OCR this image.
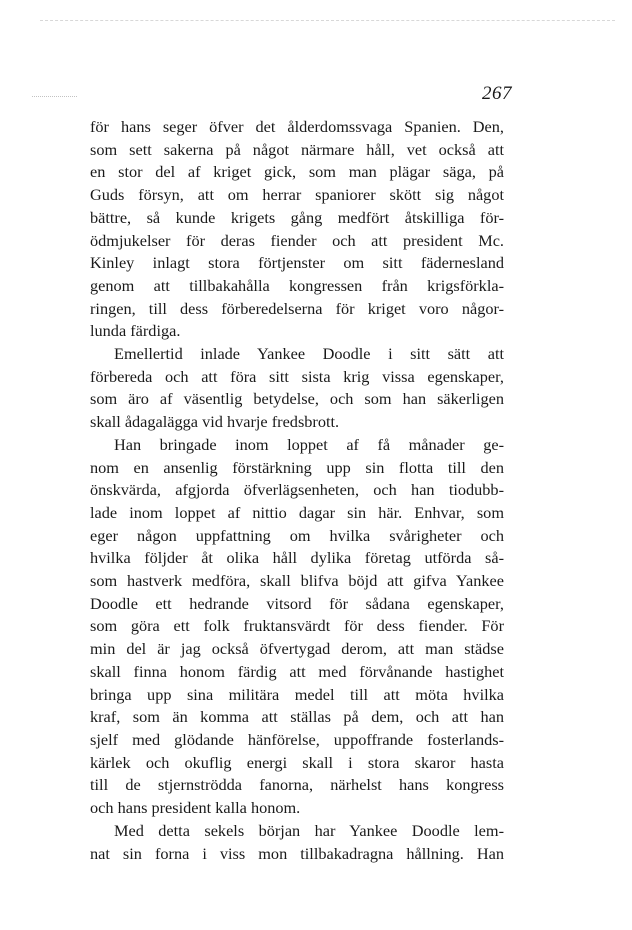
267
för hans seger öfver det ålderdomssvaga Spanien. Den,
som sett sakerna på något närmare håll, vet också att
en stor del af kriget gick, som man plägar säga, på
Guds försyn, att om herrar spaniorer skött sig något
bättre, så kunde krigets gång medfört åtskilliga för-
ödmjukelser för deras fiender och att president Mc.
Kinley inlagt stora förtjenster om sitt fädernesland
genom att tillbakahålla kongressen från krigsförkla-
ringen, till dess förberedelserna för kriget voro någor-
lunda färdiga.
Emellertid inlade Yankee Doodle i sitt sätt att
förbereda och att föra sitt sista krig vissa egenskaper,
som äro af väsentlig betydelse, och som han säkerligen
skall ådagalägga vid hvarje fredsbrott.
Han bringade inom loppet af få månader ge-
nom en ansenlig förstärkning upp sin flotta till den
önskvärda, afgjorda öfverlägsenheten, och han tiodubb-
lade inom loppet af nittio dagar sin här. Enhvar, som
eger någon uppfattning om hvilka svårigheter och
hvilka följder åt olika håll dylika företag utförda så-
som hastverk medföra, skall blifva böjd att gifva Yankee
Doodle ett hedrande vitsord för sådana egenskaper,
som göra ett folk fruktansvärdt för dess fiender. För
min del är jag också öfvertygad derom, att man städse
skall finna honom färdig att med förvånande hastighet
bringa upp sina militära medel till att möta hvilka
kraf, som än komma att ställas på dem, och att han
sjelf med glödande hänförelse, uppoffrande fosterlands-
kärlek och okuflig energi skall i stora skaror hasta
till de stjernströdda fanorna, närhelst hans kongress
och hans president kalla honom.
Med detta sekels början har Yankee Doodle lem-
nat sin forna i viss mon tillbakadragna hållning. Han
